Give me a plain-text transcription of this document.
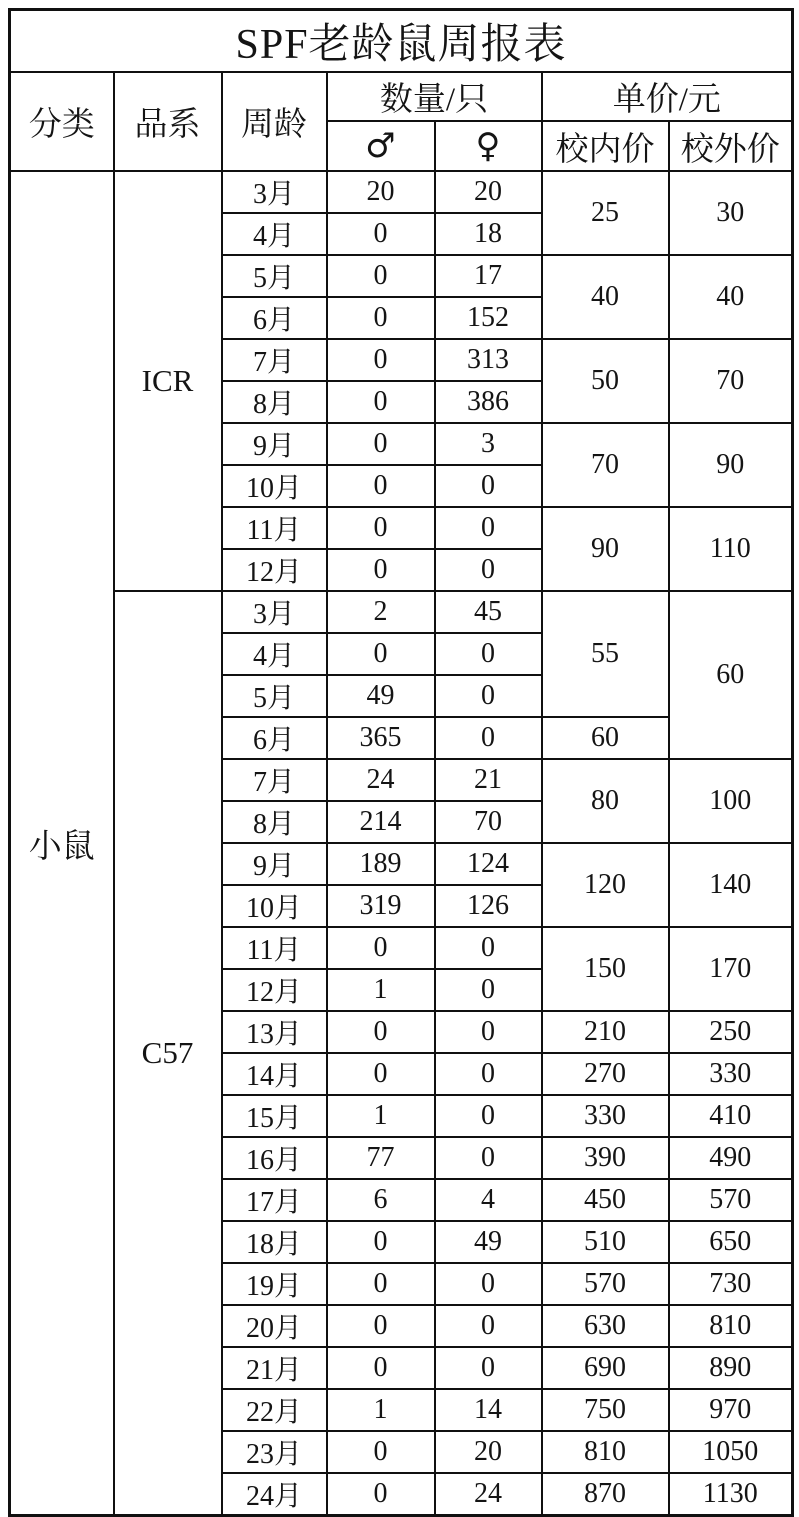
SPF老龄鼠周报表						
分类	品系	周龄	数量/只		单价/元	
			♂	♀	校内价	校外价
小鼠	ICR	3月	20	20	25	30
		4月	0	18		
		5月	0	17	40	40
		6月	0	152		
		7月	0	313	50	70
		8月	0	386		
		9月	0	3	70	90
		10月	0	0		
		11月	0	0	90	110
		12月	0	0		
	C57	3月	2	45	55	60
		4月	0	0		
		5月	49	0		
		6月	365	0	60	
		7月	24	21	80	100
		8月	214	70		
		9月	189	124	120	140
		10月	319	126		
		11月	0	0	150	170
		12月	1	0		
		13月	0	0	210	250
		14月	0	0	270	330
		15月	1	0	330	410
		16月	77	0	390	490
		17月	6	4	450	570
		18月	0	49	510	650
		19月	0	0	570	730
		20月	0	0	630	810
		21月	0	0	690	890
		22月	1	14	750	970
		23月	0	20	810	1050
		24月	0	24	870	1130
